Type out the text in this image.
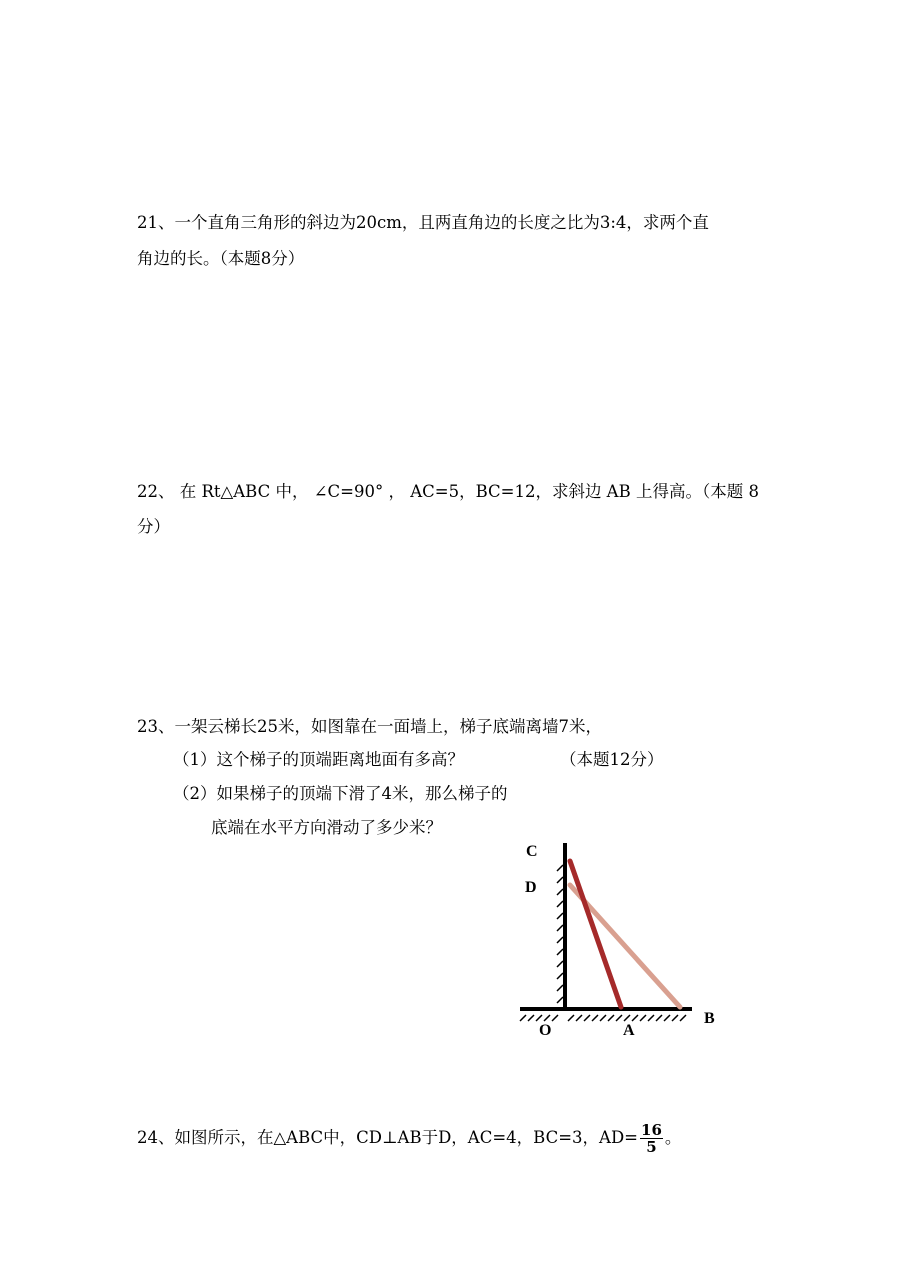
21、一个直角三角形的斜边为20cm，且两直角边的长度之比为3:4，求两个直
角边的长。（本题8分）
22、 在 Rt△ABC 中， ∠C=90° ， AC=5，BC=12，求斜边 AB 上得高。（本题 8
分）
23、一架云梯长25米，如图靠在一面墙上，梯子底端离墙7米，
（1）这个梯子的顶端距离地面有多高？	（本题12分）
（2）如果梯子的顶端下滑了4米，那么梯子的
底端在水平方向滑动了多少米？
C
D
O	A
B
24、如图所示，在△ABC中，CD⊥AB于D，AC=4，BC=3，$AD= \frac{16}{5}$ 。
